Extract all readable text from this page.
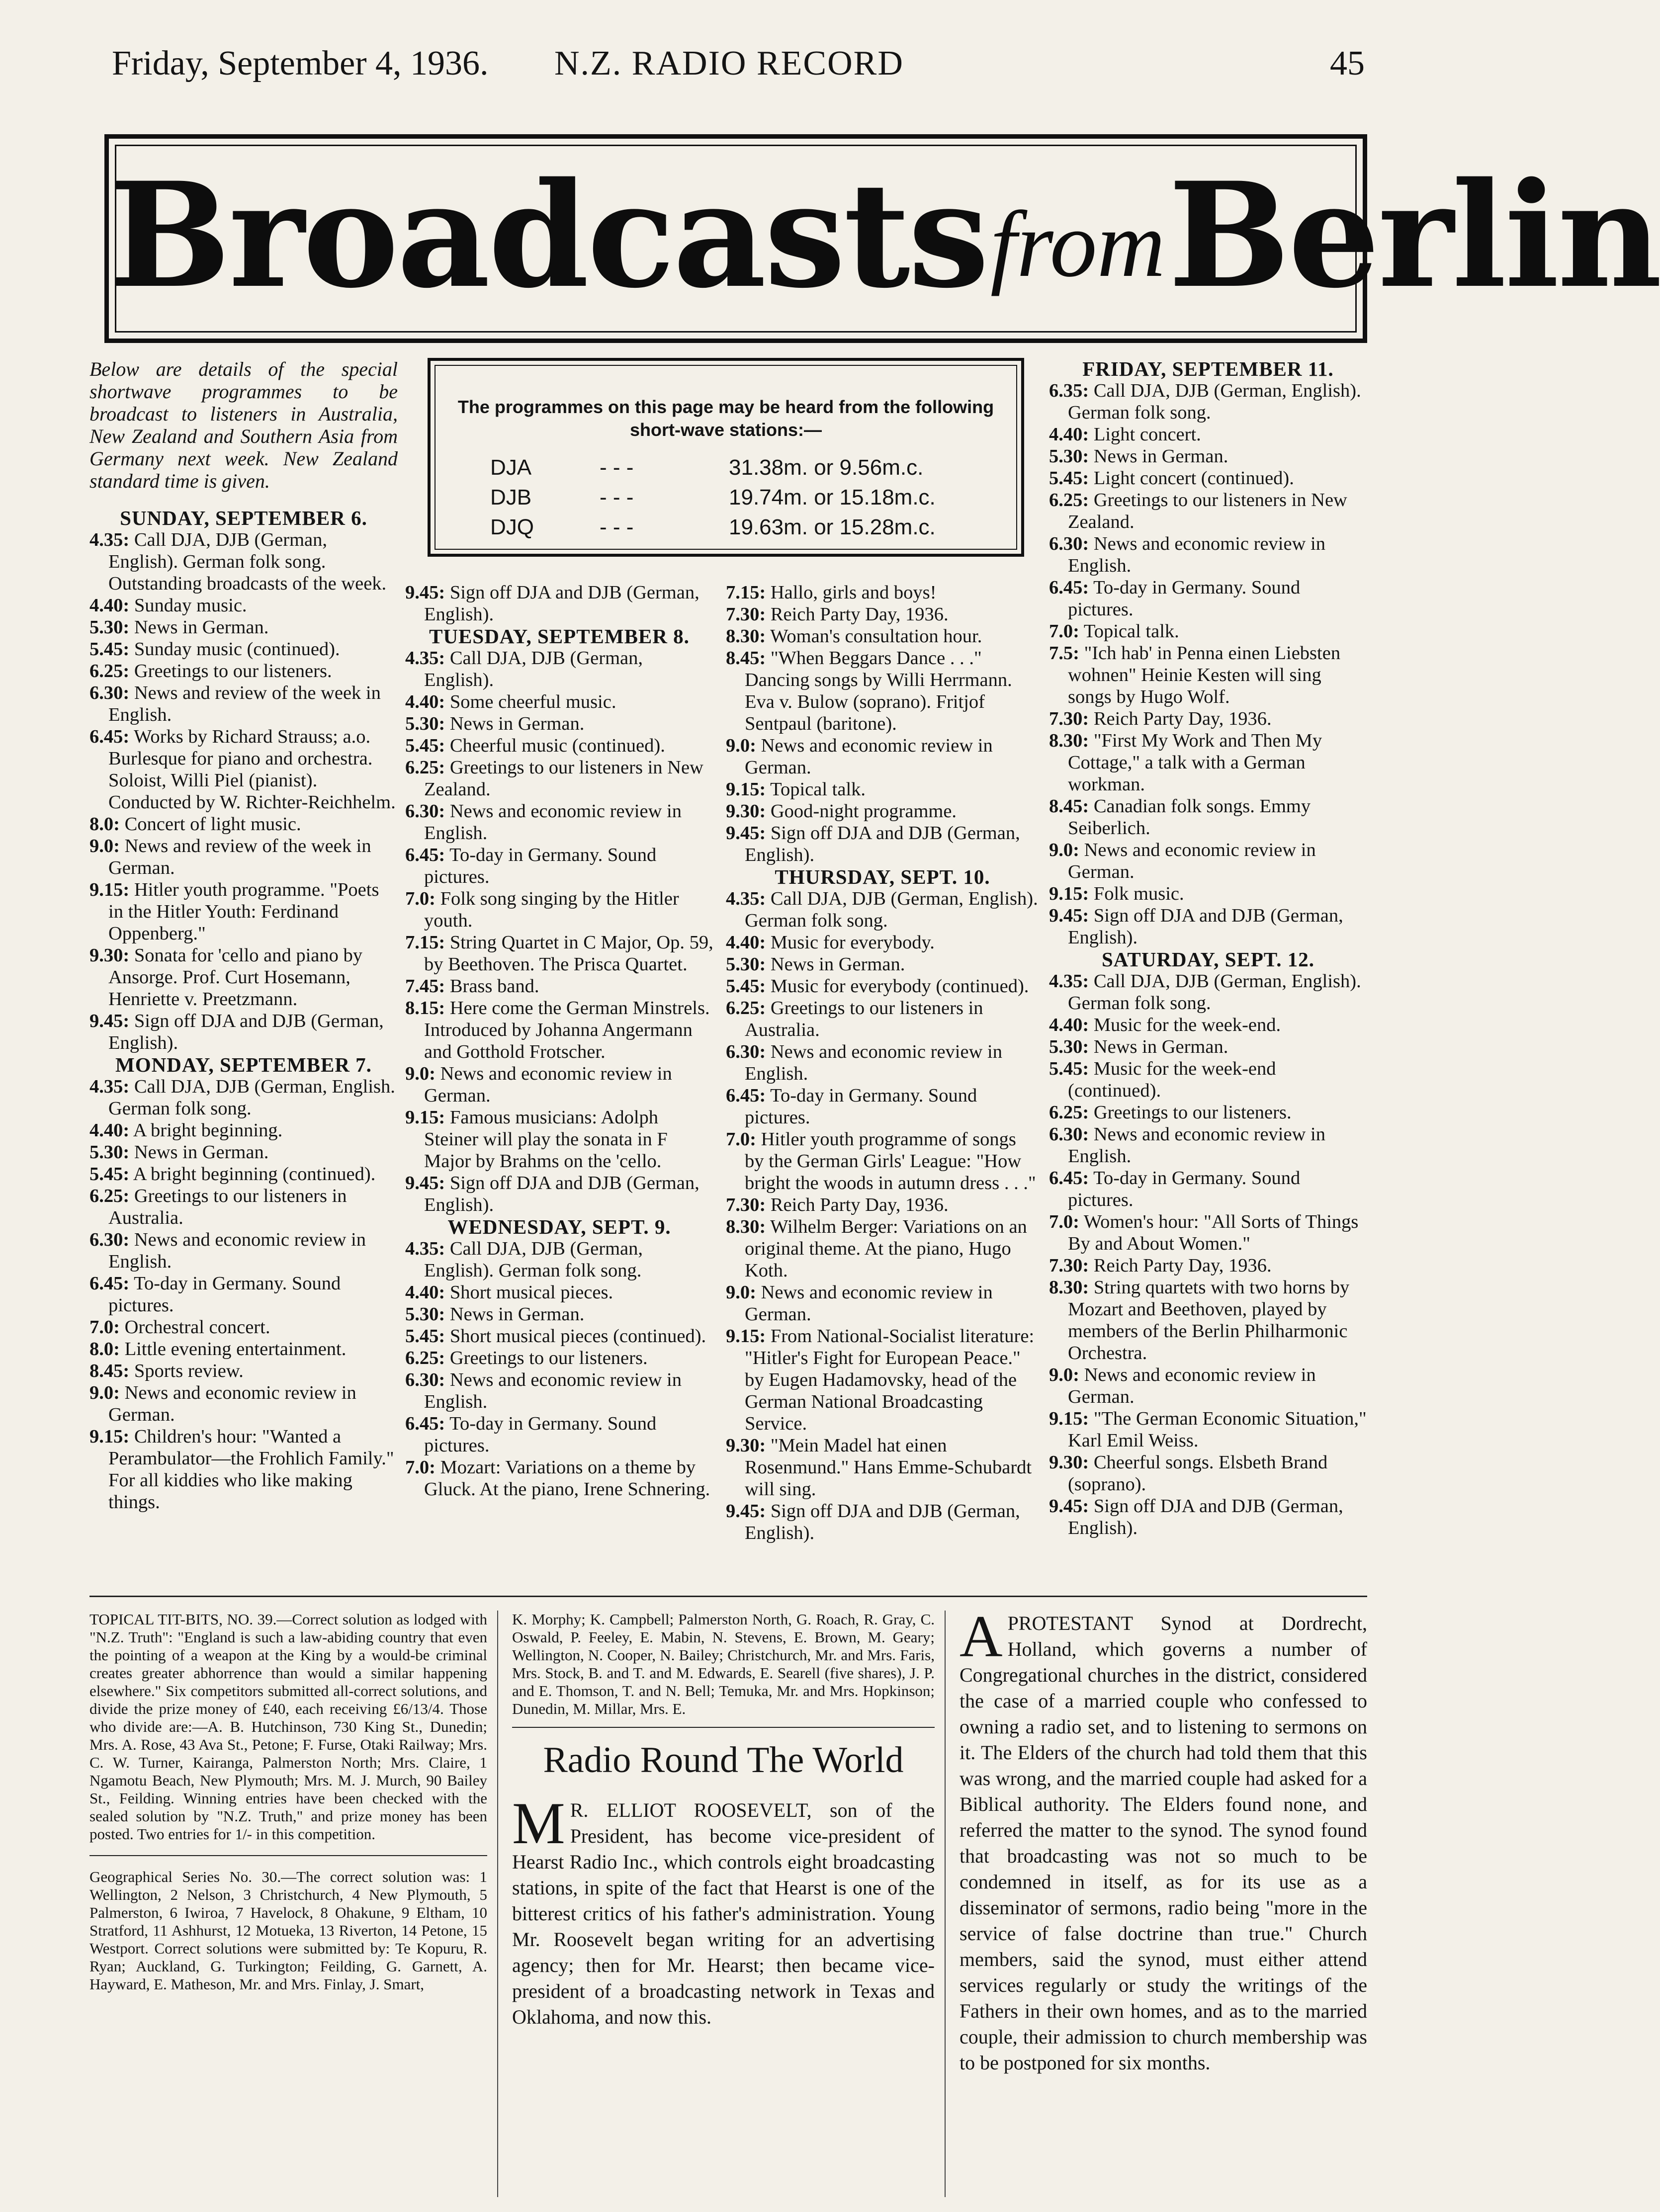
Friday, September 4, 1936. N.Z. RADIO RECORD	45
BroadcastsfromBerlin
The programmes on this page may be heard from the following short-wave stations:—
DJA	- - -	31.38m. or 9.56m.c.
DJB	- - -	19.74m. or 15.18m.c.
DJQ	- - -	19.63m. or 15.28m.c.

Below are details of the special shortwave programmes to be broadcast to listeners in Australia, New Zealand and Southern Asia from Germany next week. New Zealand standard time is given.

SUNDAY, SEPTEMBER 6.

4.35: Call DJA, DJB (German, English). German folk song. Outstanding broadcasts of the week.

4.40: Sunday music.

5.30: News in German.

5.45: Sunday music (continued).

6.25: Greetings to our listeners.

6.30: News and review of the week in English.

6.45: Works by Richard Strauss; a.o. Burlesque for piano and orchestra. Soloist, Willi Piel (pianist). Conducted by W. Richter-Reichhelm.

8.0: Concert of light music.

9.0: News and review of the week in German.

9.15: Hitler youth programme. "Poets in the Hitler Youth: Ferdinand Oppenberg."

9.30: Sonata for 'cello and piano by Ansorge. Prof. Curt Hosemann, Henriette v. Preetzmann.

9.45: Sign off DJA and DJB (German, English).

MONDAY, SEPTEMBER 7.

4.35: Call DJA, DJB (German, English. German folk song.

4.40: A bright beginning.

5.30: News in German.

5.45: A bright beginning (continued).

6.25: Greetings to our listeners in Australia.

6.30: News and economic review in English.

6.45: To-day in Germany. Sound pictures.

7.0: Orchestral concert.

8.0: Little evening entertainment.

8.45: Sports review.

9.0: News and economic review in German.

9.15: Children's hour: "Wanted a Perambulator—the Frohlich Family." For all kiddies who like making things.

9.45: Sign off DJA and DJB (German, English).

TUESDAY, SEPTEMBER 8.

4.35: Call DJA, DJB (German, English).

4.40: Some cheerful music.

5.30: News in German.

5.45: Cheerful music (continued).

6.25: Greetings to our listeners in New Zealand.

6.30: News and economic review in English.

6.45: To-day in Germany. Sound pictures.

7.0: Folk song singing by the Hitler youth.

7.15: String Quartet in C Major, Op. 59, by Beethoven. The Prisca Quartet.

7.45: Brass band.

8.15: Here come the German Minstrels. Introduced by Johanna Angermann and Gotthold Frotscher.

9.0: News and economic review in German.

9.15: Famous musicians: Adolph Steiner will play the sonata in F Major by Brahms on the 'cello.

9.45: Sign off DJA and DJB (German, English).

WEDNESDAY, SEPT. 9.

4.35: Call DJA, DJB (German, English). German folk song.

4.40: Short musical pieces.

5.30: News in German.

5.45: Short musical pieces (continued).

6.25: Greetings to our listeners.

6.30: News and economic review in English.

6.45: To-day in Germany. Sound pictures.

7.0: Mozart: Variations on a theme by Gluck. At the piano, Irene Schnering.

7.15: Hallo, girls and boys!

7.30: Reich Party Day, 1936.

8.30: Woman's consultation hour.

8.45: "When Beggars Dance . . ." Dancing songs by Willi Herrmann. Eva v. Bulow (soprano). Fritjof Sentpaul (baritone).

9.0: News and economic review in German.

9.15: Topical talk.

9.30: Good-night programme.

9.45: Sign off DJA and DJB (German, English).

THURSDAY, SEPT. 10.

4.35: Call DJA, DJB (German, English). German folk song.

4.40: Music for everybody.

5.30: News in German.

5.45: Music for everybody (continued).

6.25: Greetings to our listeners in Australia.

6.30: News and economic review in English.

6.45: To-day in Germany. Sound pictures.

7.0: Hitler youth programme of songs by the German Girls' League: "How bright the woods in autumn dress . . ."

7.30: Reich Party Day, 1936.

8.30: Wilhelm Berger: Variations on an original theme. At the piano, Hugo Koth.

9.0: News and economic review in German.

9.15: From National-Socialist literature: "Hitler's Fight for European Peace." by Eugen Hadamovsky, head of the German National Broadcasting Service.

9.30: "Mein Madel hat einen Rosenmund." Hans Emme-Schubardt will sing.

9.45: Sign off DJA and DJB (German, English).

FRIDAY, SEPTEMBER 11.

6.35: Call DJA, DJB (German, English). German folk song.

4.40: Light concert.

5.30: News in German.

5.45: Light concert (continued).

6.25: Greetings to our listeners in New Zealand.

6.30: News and economic review in English.

6.45: To-day in Germany. Sound pictures.

7.0: Topical talk.

7.5: "Ich hab' in Penna einen Liebsten wohnen" Heinie Kesten will sing songs by Hugo Wolf.

7.30: Reich Party Day, 1936.

8.30: "First My Work and Then My Cottage," a talk with a German workman.

8.45: Canadian folk songs. Emmy Seiberlich.

9.0: News and economic review in German.

9.15: Folk music.

9.45: Sign off DJA and DJB (German, English).

SATURDAY, SEPT. 12.

4.35: Call DJA, DJB (German, English). German folk song.

4.40: Music for the week-end.

5.30: News in German.

5.45: Music for the week-end (continued).

6.25: Greetings to our listeners.

6.30: News and economic review in English.

6.45: To-day in Germany. Sound pictures.

7.0: Women's hour: "All Sorts of Things By and About Women."

7.30: Reich Party Day, 1936.

8.30: String quartets with two horns by Mozart and Beethoven, played by members of the Berlin Philharmonic Orchestra.

9.0: News and economic review in German.

9.15: "The German Economic Situation," Karl Emil Weiss.

9.30: Cheerful songs. Elsbeth Brand (soprano).

9.45: Sign off DJA and DJB (German, English).

TOPICAL TIT-BITS, NO. 39.—Correct solution as lodged with "N.Z. Truth": "England is such a law-abiding country that even the pointing of a weapon at the King by a would-be criminal creates greater abhorrence than would a similar happening elsewhere." Six competitors submitted all-correct solutions, and divide the prize money of £40, each receiving £6/13/4. Those who divide are:—A. B. Hutchinson, 730 King St., Dunedin; Mrs. A. Rose, 43 Ava St., Petone; F. Furse, Otaki Railway; Mrs. C. W. Turner, Kairanga, Palmerston North; Mrs. Claire, 1 Ngamotu Beach, New Plymouth; Mrs. M. J. Murch, 90 Bailey St., Feilding. Winning entries have been checked with the sealed solution by "N.Z. Truth," and prize money has been posted. Two entries for 1/- in this competition.

Geographical Series No. 30.—The correct solution was: 1 Wellington, 2 Nelson, 3 Christchurch, 4 New Plymouth, 5 Palmerston, 6 Iwiroa, 7 Havelock, 8 Ohakune, 9 Eltham, 10 Stratford, 11 Ashhurst, 12 Motueka, 13 Riverton, 14 Petone, 15 Westport. Correct solutions were submitted by: Te Kopuru, R. Ryan; Auckland, G. Turkington; Feilding, G. Garnett, A. Hayward, E. Matheson, Mr. and Mrs. Finlay, J. Smart,

K. Morphy; K. Campbell; Palmerston North, G. Roach, R. Gray, C. Oswald, P. Feeley, E. Mabin, N. Stevens, E. Brown, M. Geary; Wellington, N. Cooper, N. Bailey; Christchurch, Mr. and Mrs. Faris, Mrs. Stock, B. and T. and M. Edwards, E. Searell (five shares), J. P. and E. Thomson, T. and N. Bell; Temuka, Mr. and Mrs. Hopkinson; Dunedin, M. Millar, Mrs. E.
Radio Round The World

M R. ELLIOT ROOSEVELT, son of the President, has become vice-president of Hearst Radio Inc., which controls eight broadcasting stations, in spite of the fact that Hearst is one of the bitterest critics of his father's administration. Young Mr. Roosevelt began writing for an advertising agency; then for Mr. Hearst; then became vice-president of a broadcasting network in Texas and Oklahoma, and now this.

APROTESTANT Synod at Dordrecht, Holland, which governs a number of Congregational churches in the district, considered the case of a married couple who confessed to owning a radio set, and to listening to sermons on it. The Elders of the church had told them that this was wrong, and the married couple had asked for a Biblical authority. The Elders found none, and referred the matter to the synod. The synod found that broadcasting was not so much to be condemned in itself, as for its use as a disseminator of sermons, radio being "more in the service of false doctrine than true." Church members, said the synod, must either attend services regularly or study the writings of the Fathers in their own homes, and as to the married couple, their admission to church membership was to be postponed for six months.
